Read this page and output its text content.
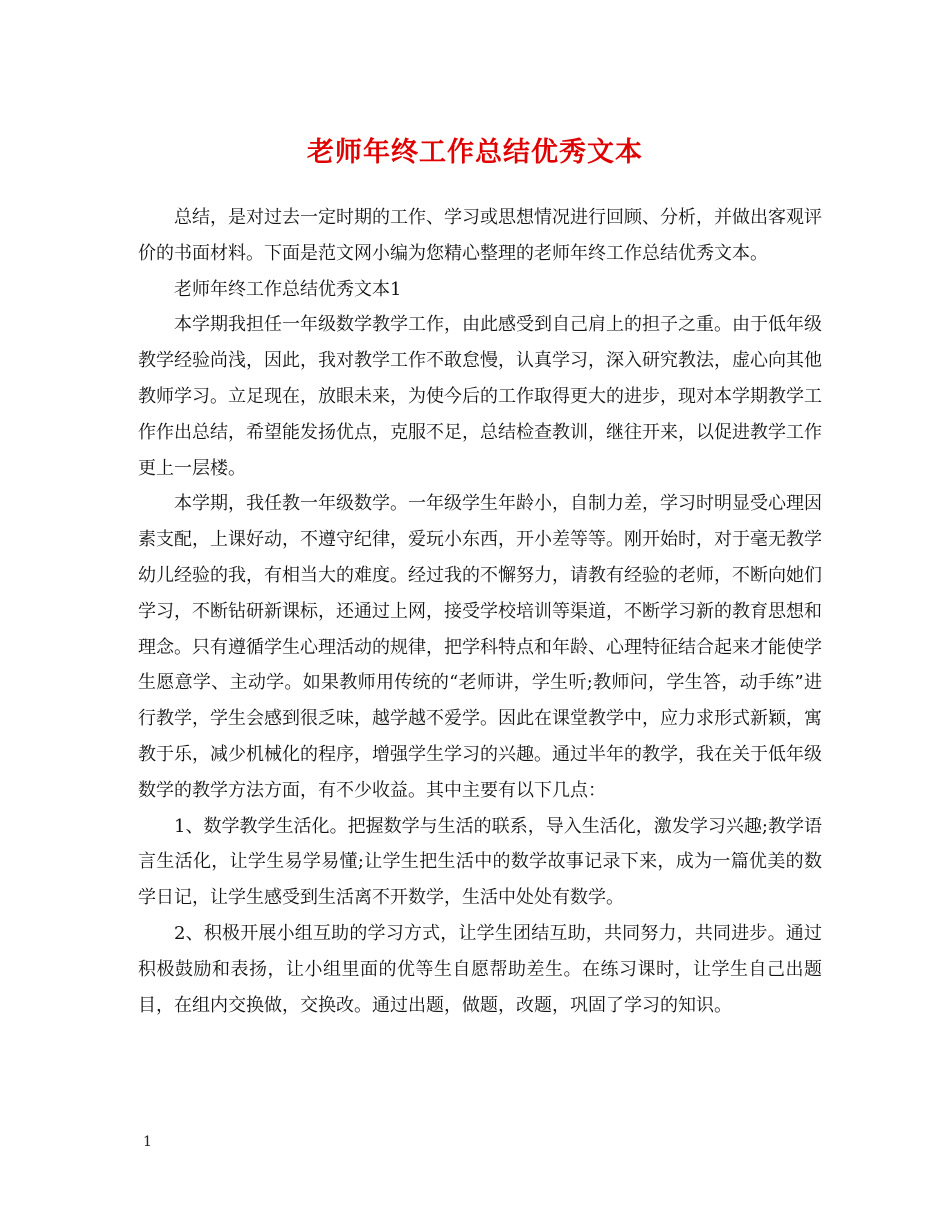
老师年终工作总结优秀文本

总结，是对过去一定时期的工作、学习或思想情况进行回顾、分析，并做出客观评价的书面材料。下面是范文网小编为您精心整理的老师年终工作总结优秀文本。

老师年终工作总结优秀文本1

本学期我担任一年级数学教学工作，由此感受到自己肩上的担子之重。由于低年级教学经验尚浅，因此，我对教学工作不敢怠慢，认真学习，深入研究教法，虚心向其他教师学习。立足现在，放眼未来，为使今后的工作取得更大的进步，现对本学期教学工作作出总结，希望能发扬优点，克服不足，总结检查教训，继往开来，以促进教学工作更上一层楼。

本学期，我任教一年级数学。一年级学生年龄小，自制力差，学习时明显受心理因素支配，上课好动，不遵守纪律，爱玩小东西，开小差等等。刚开始时，对于毫无教学幼儿经验的我，有相当大的难度。经过我的不懈努力，请教有经验的老师，不断向她们学习，不断钻研新课标，还通过上网，接受学校培训等渠道，不断学习新的教育思想和理念。只有遵循学生心理活动的规律，把学科特点和年龄、心理特征结合起来才能使学生愿意学、主动学。如果教师用传统的“老师讲，学生听;教师问，学生答，动手练”进行教学，学生会感到很乏味，越学越不爱学。因此在课堂教学中，应力求形式新颖，寓教于乐，减少机械化的程序，增强学生学习的兴趣。通过半年的教学，我在关于低年级数学的教学方法方面，有不少收益。其中主要有以下几点：

1、数学教学生活化。把握数学与生活的联系，导入生活化，激发学习兴趣;教学语言生活化，让学生易学易懂;让学生把生活中的数学故事记录下来，成为一篇优美的数学日记，让学生感受到生活离不开数学，生活中处处有数学。

2、积极开展小组互助的学习方式，让学生团结互助，共同努力，共同进步。通过积极鼓励和表扬，让小组里面的优等生自愿帮助差生。在练习课时，让学生自己出题目，在组内交换做，交换改。通过出题，做题，改题，巩固了学习的知识。

1
